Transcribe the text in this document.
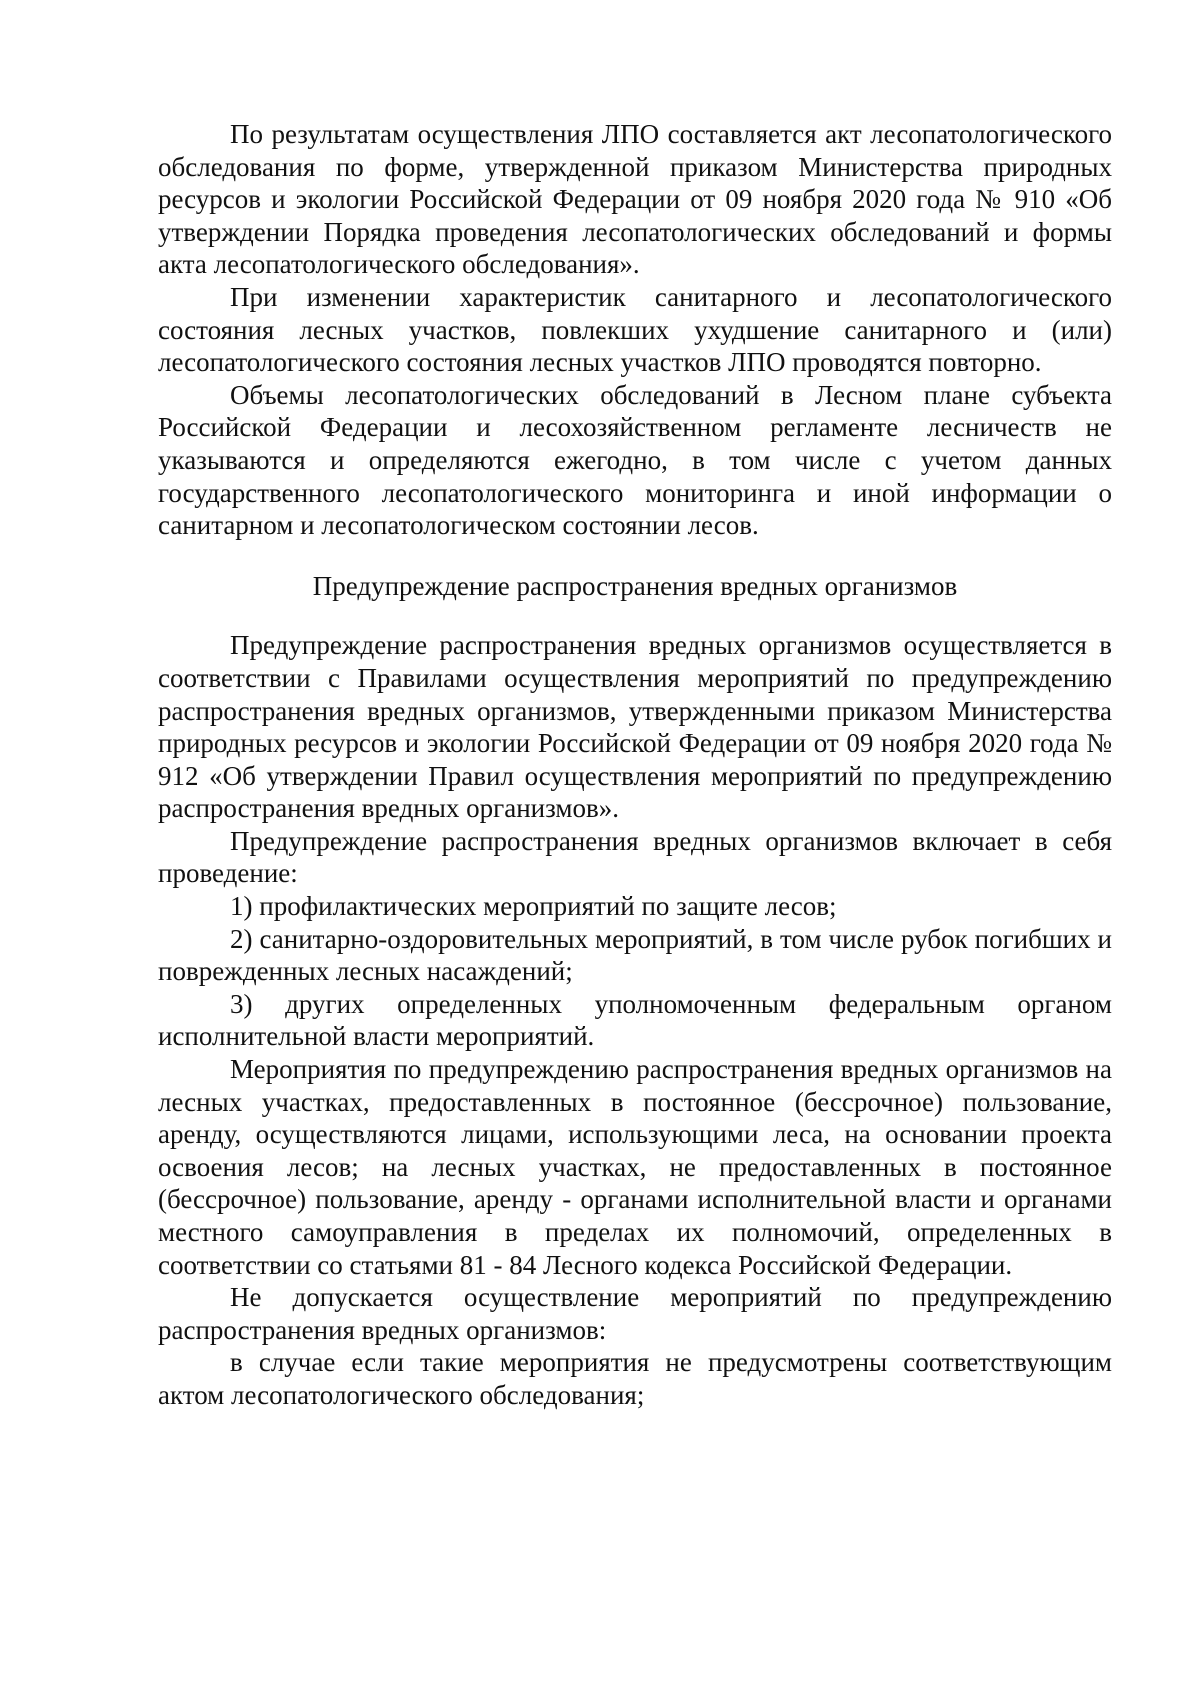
По результатам осуществления ЛПО составляется акт лесопатологического обследования по форме, утвержденной приказом Министерства природных ресурсов и экологии Российской Федерации от 09 ноября 2020 года № 910 «Об утверждении Порядка проведения лесопатологических обследований и формы акта лесопатологического обследования».

При изменении характеристик санитарного и лесопатологического состояния лесных участков, повлекших ухудшение санитарного и (или) лесопатологического состояния лесных участков ЛПО проводятся повторно.

Объемы лесопатологических обследований в Лесном плане субъекта Российской Федерации и лесохозяйственном регламенте лесничеств не указываются и определяются ежегодно, в том числе с учетом данных государственного лесопатологического мониторинга и иной информации о санитарном и лесопатологическом состоянии лесов.

Предупреждение распространения вредных организмов

Предупреждение распространения вредных организмов осуществляется в соответствии с Правилами осуществления мероприятий по предупреждению распространения вредных организмов, утвержденными приказом Министерства природных ресурсов и экологии Российской Федерации от 09 ноября 2020 года № 912 «Об утверждении Правил осуществления мероприятий по предупреждению распространения вредных организмов».

Предупреждение распространения вредных организмов включает в себя проведение:

1) профилактических мероприятий по защите лесов;

2) санитарно-оздоровительных мероприятий, в том числе рубок погибших и поврежденных лесных насаждений;

3) других определенных уполномоченным федеральным органом исполнительной власти мероприятий.

Мероприятия по предупреждению распространения вредных организмов на лесных участках, предоставленных в постоянное (бессрочное) пользование, аренду, осуществляются лицами, использующими леса, на основании проекта освоения лесов; на лесных участках, не предоставленных в постоянное (бессрочное) пользование, аренду - органами исполнительной власти и органами местного самоуправления в пределах их полномочий, определенных в соответствии со статьями 81 - 84 Лесного кодекса Российской Федерации.

Не допускается осуществление мероприятий по предупреждению распространения вредных организмов:

в случае если такие мероприятия не предусмотрены соответствующим актом лесопатологического обследования;
